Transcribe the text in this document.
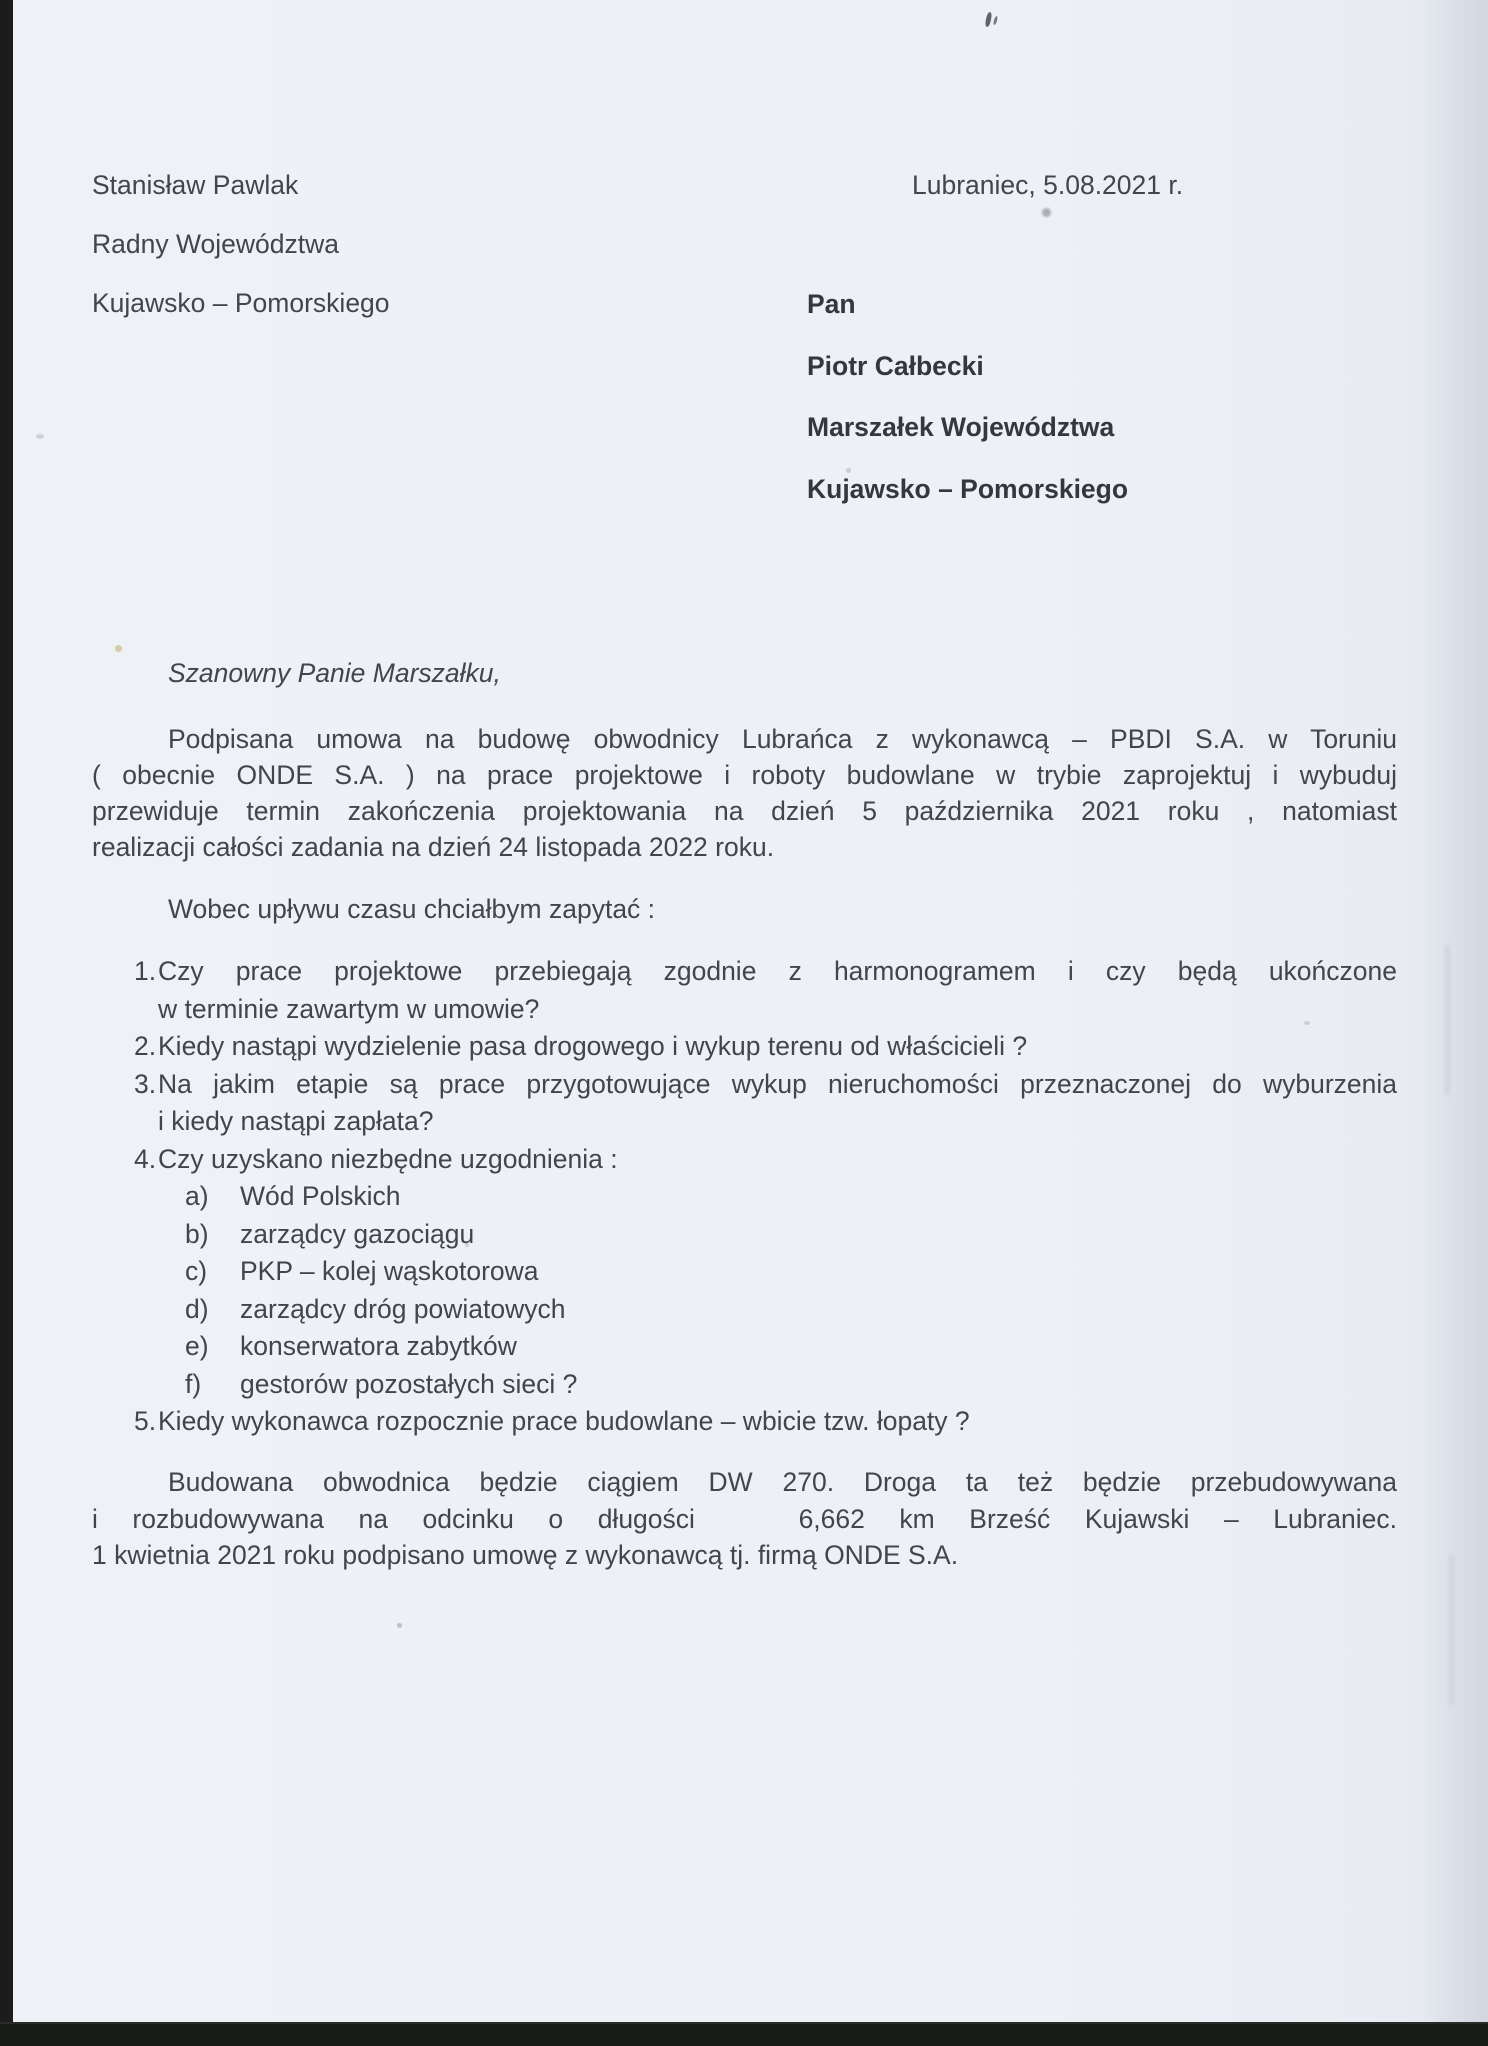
Stanisław Pawlak
Radny Województwa
Kujawsko – Pomorskiego
Lubraniec, 5.08.2021 r.
Pan
Piotr Całbecki
Marszałek Województwa
Kujawsko – Pomorskiego
Szanowny Panie Marszałku,
Podpisana umowa na budowę obwodnicy Lubrańca z wykonawcą – PBDI S.A. w Toruniu
( obecnie ONDE S.A. ) na prace projektowe i roboty budowlane w trybie zaprojektuj i wybuduj
przewiduje termin zakończenia projektowania na dzień 5 października 2021 roku , natomiast
realizacji całości zadania na dzień 24 listopada 2022 roku.
Wobec upływu czasu chciałbym zapytać :
1. Czy prace projektowe przebiegają zgodnie z harmonogramem i czy będą ukończone
w terminie zawartym w umowie?
2. Kiedy nastąpi wydzielenie pasa drogowego i wykup terenu od właścicieli ?
3. Na jakim etapie są prace przygotowujące wykup nieruchomości przeznaczonej do wyburzenia
i kiedy nastąpi zapłata?
4. Czy uzyskano niezbędne uzgodnienia :
a) Wód Polskich
b) zarządcy gazociągu
c) PKP – kolej wąskotorowa
d) zarządcy dróg powiatowych
e) konserwatora zabytków
f) gestorów pozostałych sieci ?
5. Kiedy wykonawca rozpocznie prace budowlane – wbicie tzw. łopaty ?
Budowana obwodnica będzie ciągiem DW 270. Droga ta też będzie przebudowywana
i rozbudowywana na odcinku o długości   6,662 km Brześć Kujawski – Lubraniec.
1 kwietnia 2021 roku podpisano umowę z wykonawcą tj. firmą ONDE S.A.
